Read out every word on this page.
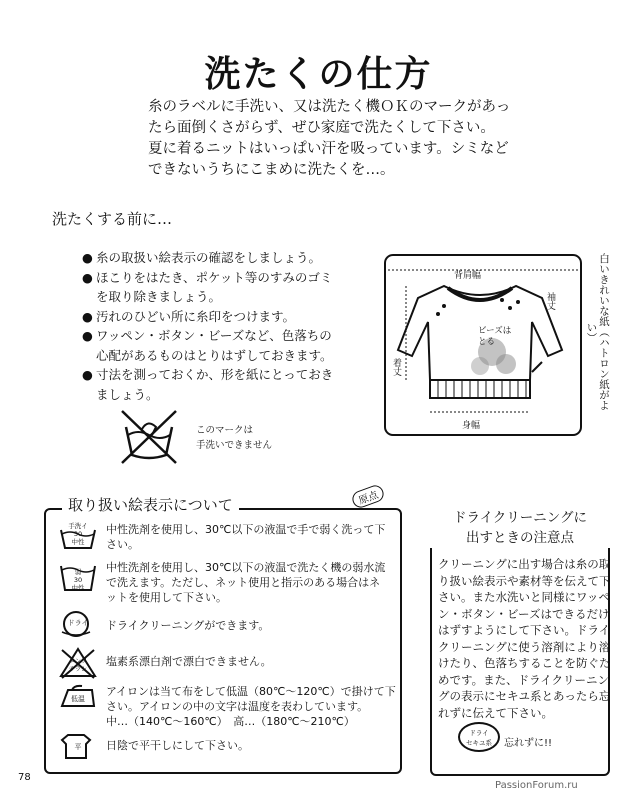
洗たくの仕方
糸のラベルに手洗い、又は洗たく機ＯＫのマークがあっ
たら面倒くさがらず、ぜひ家庭で洗たくして下さい。
夏に着るニットはいっぱい汗を吸っています。シミなど
できないうちにこまめに洗たくを…。
洗たくする前に…
● 糸の取扱い絵表示の確認をしましょう。
● ほこりをはたき、ポケット等のすみのゴミ
を取り除きましょう。
● 汚れのひどい所に糸印をつけます。
● ワッペン・ボタン・ビーズなど、色落ちの
心配があるものはとりはずしておきます。
● 寸法を測っておくか、形を紙にとっておき
ましょう。
このマークは
手洗いできません
背肩幅
袖丈
着丈
身幅
ビーズは
とる	白いきれいな紙（ハトロン紙がよい）
取り扱い絵表示について	原点
手洗イ
30
中性
中性洗剤を使用し、30℃以下の液温で手で弱く洗って下
さい。
弱
30
中性
中性洗剤を使用し、30℃以下の液温で洗たく機の弱水流
で洗えます。ただし、ネット使用と指示のある場合はネ
ットを使用して下さい。
ドライ	ドライクリーニングができます。
エンソ
サラシ
塩素系漂白剤で漂白できません。
低温
アイロンは当て布をして低温（80℃〜120℃）で掛けて下
さい。アイロンの中の文字は温度を表わしています。
中…（140℃〜160℃）　高…（180℃〜210℃）
平	日陰で平干しにして下さい。
ドライクリーニングに
出すときの注意点
クリーニングに出す場合は糸の取
り扱い絵表示や素材等を伝えて下
さい。また水洗いと同様にワッペ
ン・ボタン・ビーズはできるだけ
はずすようにして下さい。ドライ
クリーニングに使う溶剤により溶
けたり、色落ちすることを防ぐた
めです。また、ドライクリーニン
グの表示にセキユ系とあったら忘
れずに伝えて下さい。
ドライ
セキユ系	忘れずに!!
78
PassionForum.ru
